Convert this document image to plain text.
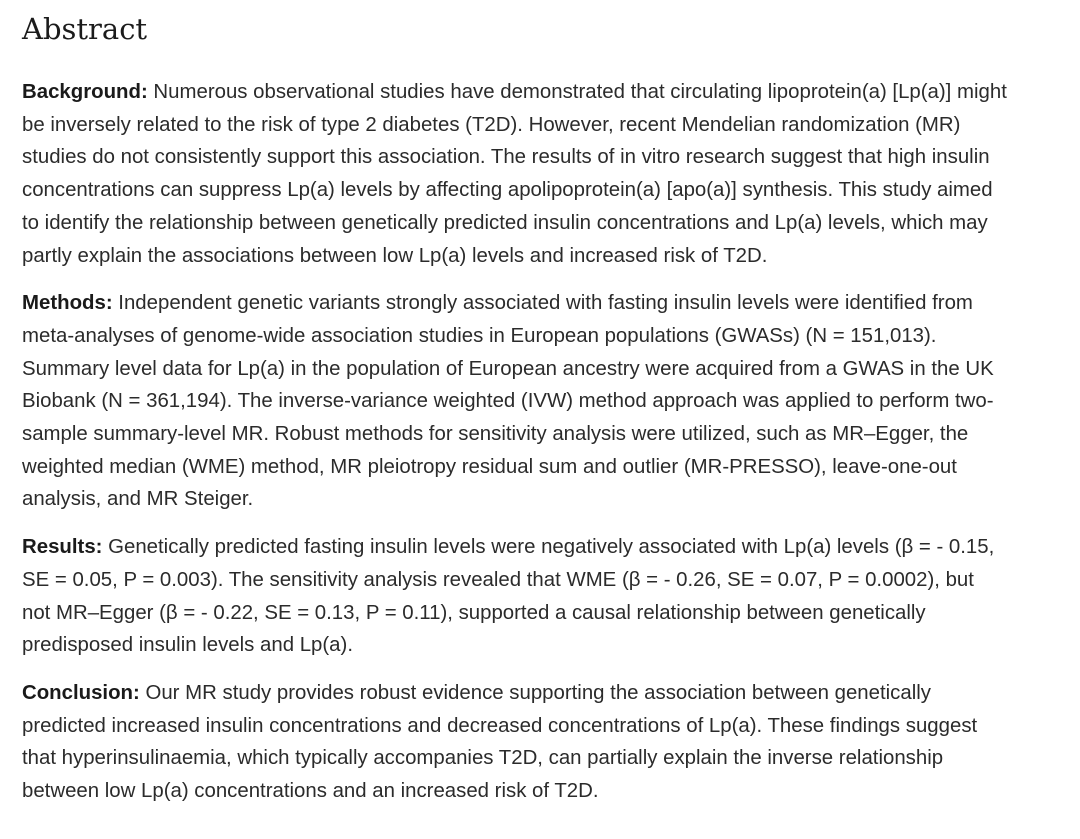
Abstract

Background: Numerous observational studies have demonstrated that circulating lipoprotein(a) [Lp(a)] might be inversely related to the risk of type 2 diabetes (T2D). However, recent Mendelian randomization (MR) studies do not consistently support this association. The results of in vitro research suggest that high insulin concentrations can suppress Lp(a) levels by affecting apolipoprotein(a) [apo(a)] synthesis. This study aimed to identify the relationship between genetically predicted insulin concentrations and Lp(a) levels, which may partly explain the associations between low Lp(a) levels and increased risk of T2D.

Methods: Independent genetic variants strongly associated with fasting insulin levels were identified from meta-analyses of genome-wide association studies in European populations (GWASs) (N = 151,013). Summary level data for Lp(a) in the population of European ancestry were acquired from a GWAS in the UK Biobank (N = 361,194). The inverse-variance weighted (IVW) method approach was applied to perform two-sample summary-level MR. Robust methods for sensitivity analysis were utilized, such as MR–Egger, the weighted median (WME) method, MR pleiotropy residual sum and outlier (MR-PRESSO), leave-one-out analysis, and MR Steiger.

Results: Genetically predicted fasting insulin levels were negatively associated with Lp(a) levels (β = - 0.15, SE = 0.05, P = 0.003). The sensitivity analysis revealed that WME (β = - 0.26, SE = 0.07, P = 0.0002), but not MR–Egger (β = - 0.22, SE = 0.13, P = 0.11), supported a causal relationship between genetically predisposed insulin levels and Lp(a).

Conclusion: Our MR study provides robust evidence supporting the association between genetically predicted increased insulin concentrations and decreased concentrations of Lp(a). These findings suggest that hyperinsulinaemia, which typically accompanies T2D, can partially explain the inverse relationship between low Lp(a) concentrations and an increased risk of T2D.
